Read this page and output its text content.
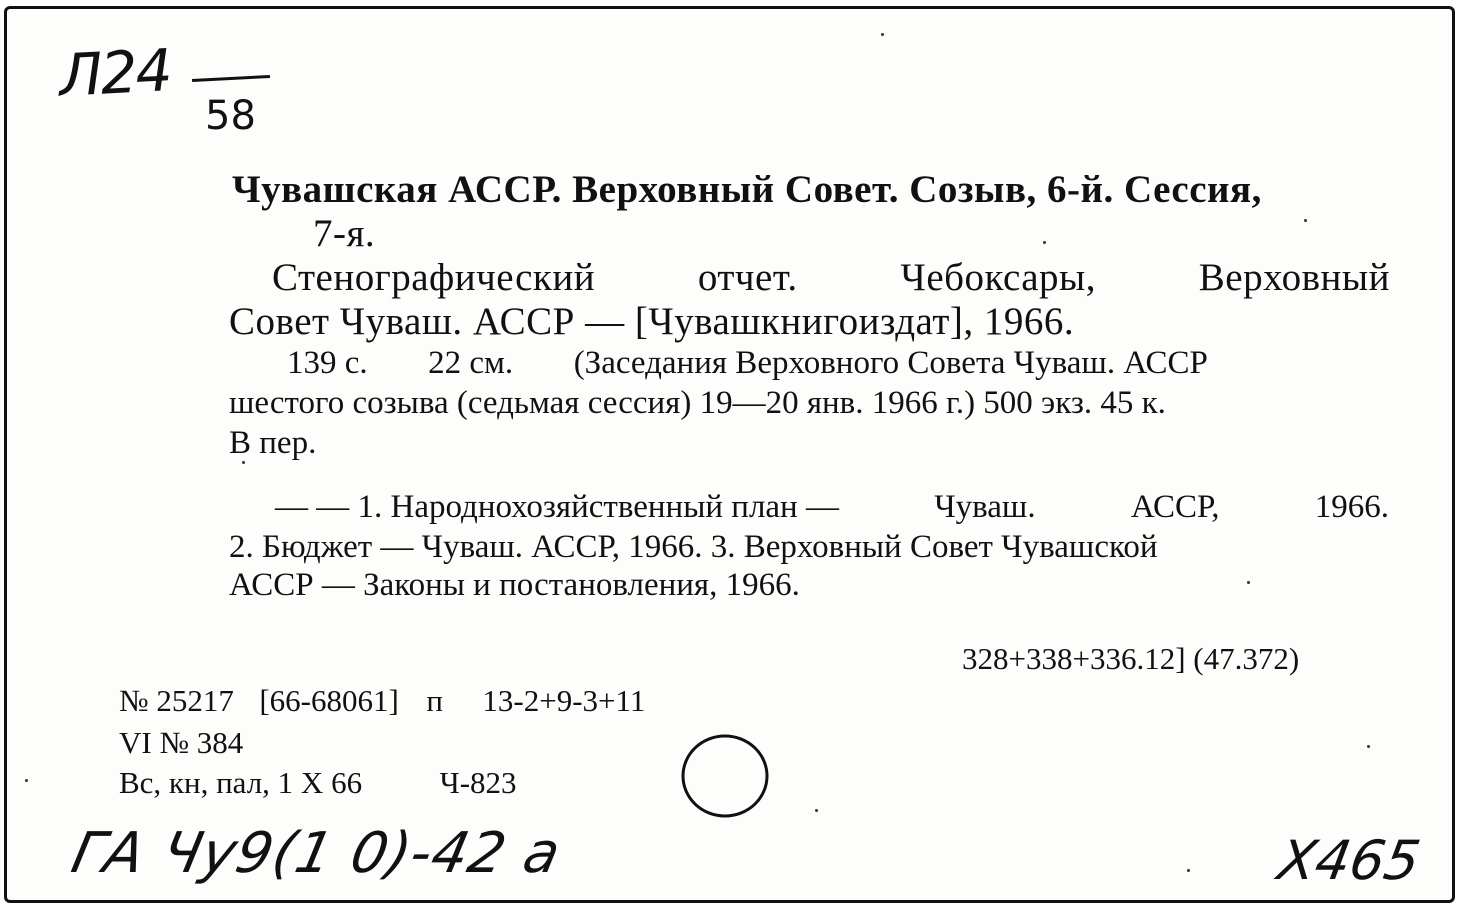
Л24
58
Чувашская АССР. Верховный Совет. Созыв, 6-й. Сессия,
7-я.
Стенографический	отчет.	Чебоксары,	Верховный
Совет Чуваш. АССР — [Чувашкнигоиздат], 1966.
139 с. 22 см. (Заседания Верховного Совета Чуваш. АССР
шестого созыва (седьмая сессия) 19—20 янв. 1966 г.) 500 экз. 45 к.
В пер.
— — 1. Народнохозяйственный план —	Чуваш.	АССР,	1966.
2. Бюджет — Чуваш. АССР, 1966. 3. Верховный Совет Чувашской
АССР — Законы и постановления, 1966.
328+338+336.12] (47.372)
№ 25217 [66-68061] п 13-2+9-3+11
VI № 384
Вс, кн, пал, 1 X 66	Ч-823
ГА Чу9(1 0)-42 а	Х465
